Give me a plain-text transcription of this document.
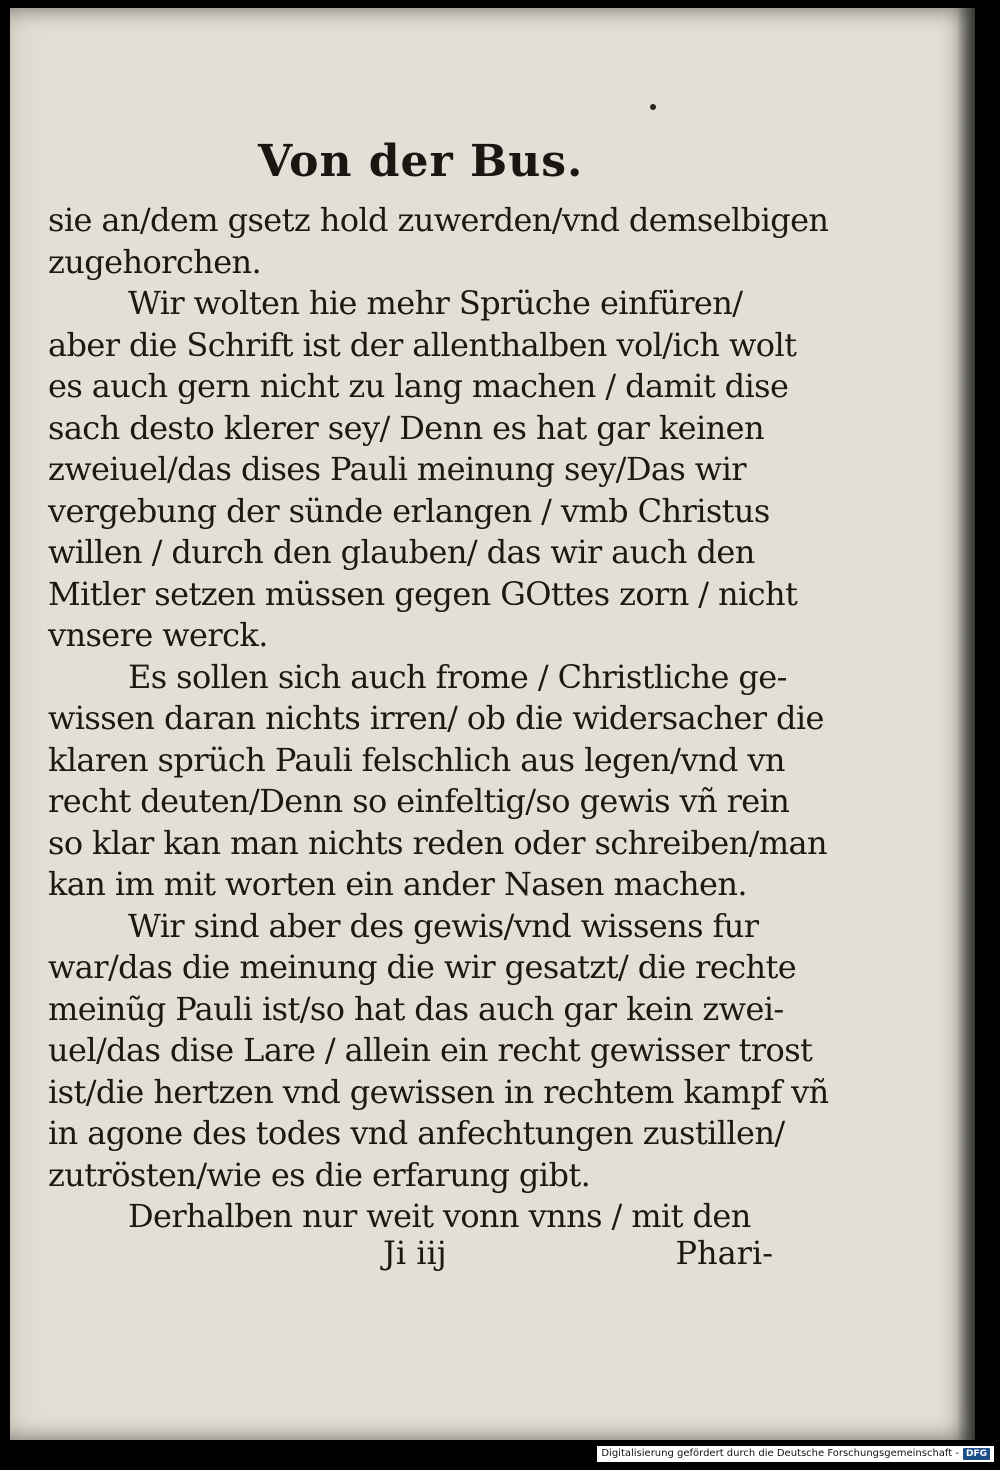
Von der Bus.
sie an/dem gsetz hold zuwerden/vnd demselbigen
zugehorchen.
Wir wolten hie mehr Sprüche einfüren/
aber die Schrift ist der allenthalben vol/ich wolt
es auch gern nicht zu lang machen / damit dise
sach desto klerer sey/ Denn es hat gar keinen
zweiuel/das dises Pauli meinung sey/Das wir
vergebung der sünde erlangen / vmb Christus
willen / durch den glauben/ das wir auch den
Mitler setzen müssen gegen GOttes zorn / nicht
vnsere werck.
Es sollen sich auch frome / Christliche ge-
wissen daran nichts irren/ ob die widersacher die
klaren sprüch Pauli felschlich aus legen/vnd vn
recht deuten/Denn so einfeltig/so gewis vñ rein
so klar kan man nichts reden oder schreiben/man
kan im mit worten ein ander Nasen machen.
Wir sind aber des gewis/vnd wissens fur
war/das die meinung die wir gesatzt/ die rechte
meinũg Pauli ist/so hat das auch gar kein zwei-
uel/das dise Lare / allein ein recht gewisser trost
ist/die hertzen vnd gewissen in rechtem kampf vñ
in agone des todes vnd anfechtungen zustillen/
zutrösten/wie es die erfarung gibt.
Derhalben nur weit vonn vnns / mit den
Ji iij	Phari-
Digitalisierung gefördert durch die Deutsche Forschungsgemeinschaft - DFG
